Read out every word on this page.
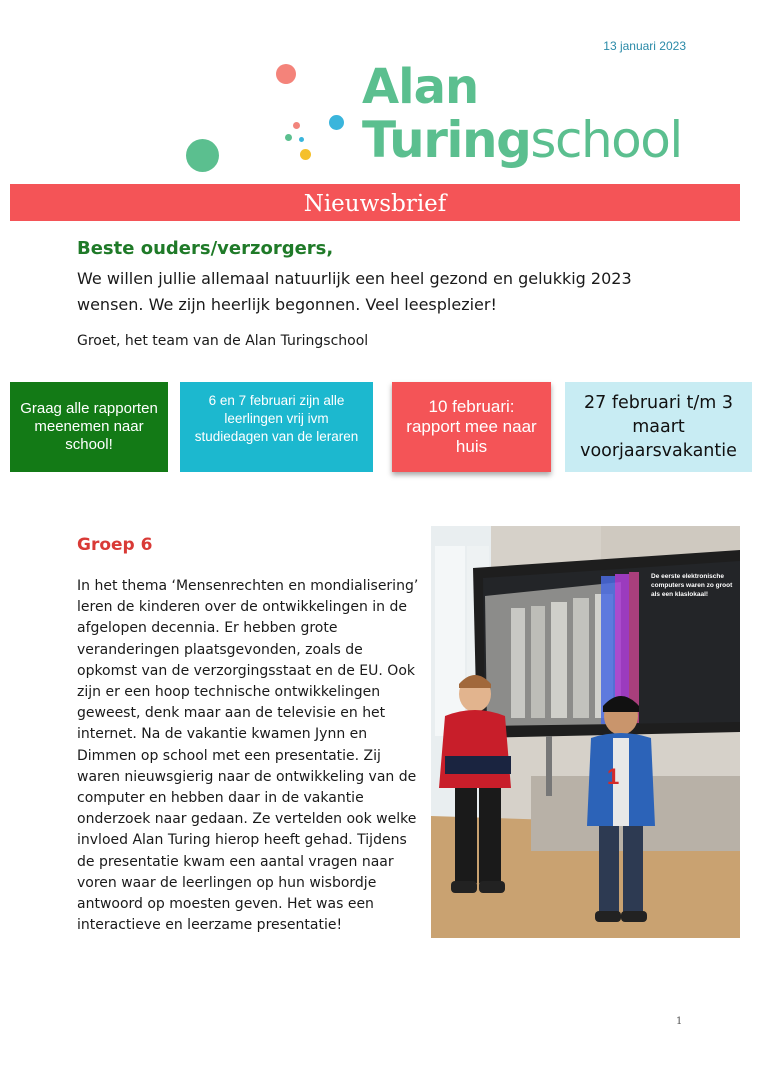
13 januari 2023
Alan
Turingschool
Nieuwsbrief
Beste ouders/verzorgers,
We willen jullie allemaal natuurlijk een heel gezond en gelukkig 2023 wensen. We zijn heerlijk begonnen. Veel leesplezier!
Groet, het team van de Alan Turingschool
Graag alle rapporten meenemen naar school!
6 en 7 februari zijn alle leerlingen vrij ivm studiedagen van de leraren
10 februari: rapport mee naar huis
27 februari t/m 3 maart voorjaarsvakantie
Groep 6
In het thema ‘Mensenrechten en mondialisering’ leren de kinderen over de ontwikkelingen in de afgelopen decennia. Er hebben grote veranderingen plaatsgevonden, zoals de opkomst van de verzorgingsstaat en de EU. Ook zijn er een hoop technische ontwikkelingen geweest, denk maar aan de televisie en het internet. Na de vakantie kwamen Jynn en Dimmen op school met een presentatie. Zij waren nieuwsgierig naar de ontwikkeling van de computer en hebben daar in de vakantie onderzoek naar gedaan. Ze vertelden ook welke invloed Alan Turing hierop heeft gehad. Tijdens de presentatie kwam een aantal vragen naar voren waar de leerlingen op hun wisbordje antwoord op moesten geven. Het was een interactieve en leerzame presentatie!
De eerste elektronische
computers waren zo groot
als een klaslokaal!
1
1
